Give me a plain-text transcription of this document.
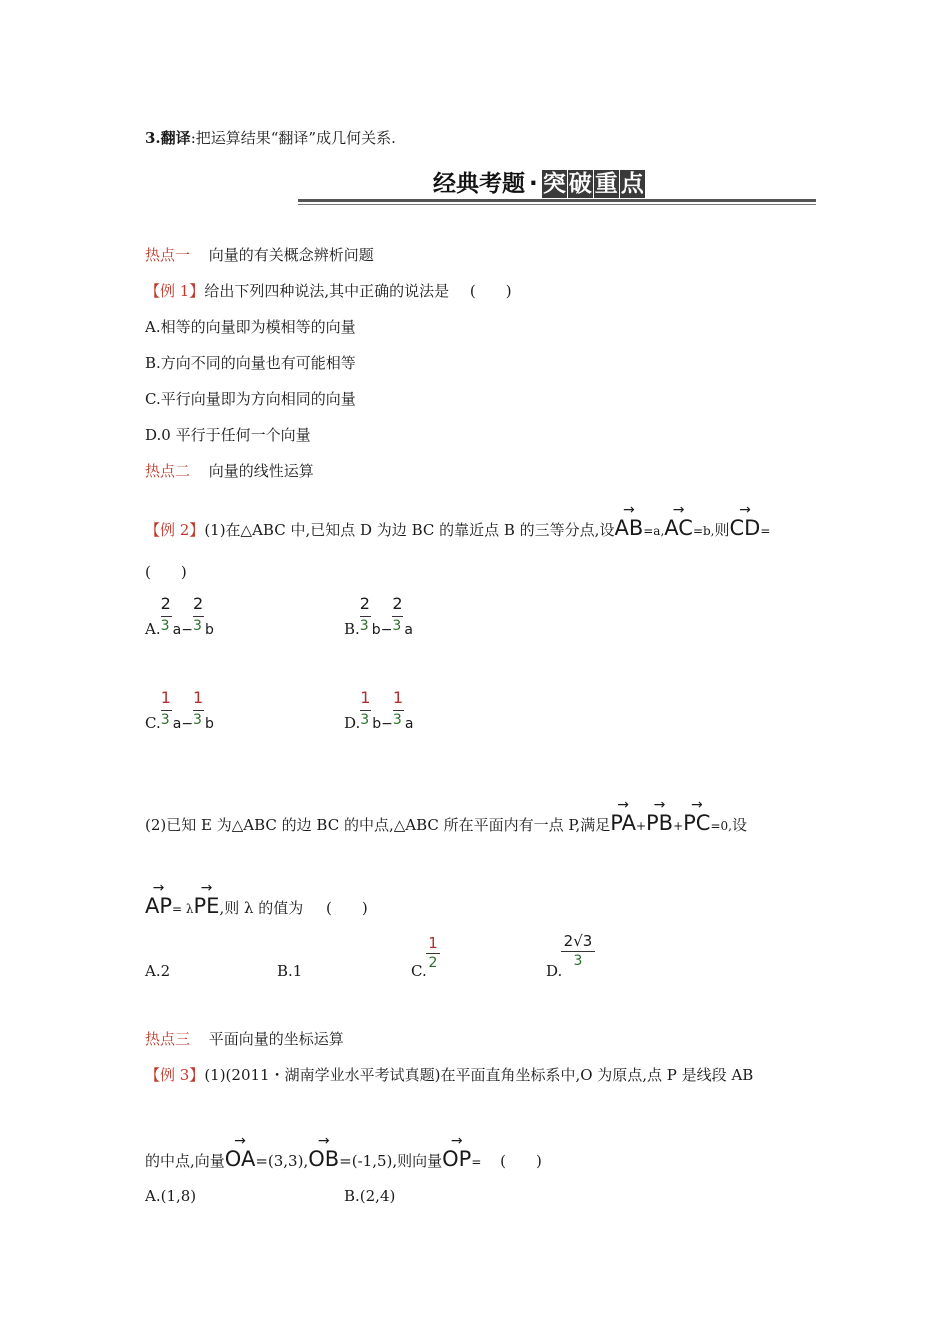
3.翻译:把运算结果“翻译”成几何关系.
经典考题 · 突 破 重 点
热点一 向量的有关概念辨析问题
【例 1】给出下列四种说法,其中正确的说法是 (　　)
A.相等的向量即为模相等的向量
B.方向不同的向量也有可能相等
C.平行向量即为方向相同的向量
D.0 平行于任何一个向量
热点二 向量的线性运算
【例 2】(1)在△ABC 中,已知点 D 为边 BC 的靠近点 B 的三等分点,设
→
AB=a,
→
AC=b,则
→
CD=
(　　)
A. $\frac{2}{3} a- \frac{2}{3}$ b	B. $\frac{2}{3} b- \frac{2}{3}$ a
C. $\frac{1}{3} a- \frac{1}{3}$ b	D. $\frac{1}{3} b- \frac{1}{3}$ a
(2)已知 E 为△ABC 的边 BC 的中点,△ABC 所在平面内有一点 P,满足
→
PA+
→
PB+
→
PC=0,设
→
AP= λ
→
PE,则 λ 的值为 (　　)
A.2	B.1	C.
1
2	D.
2√3
3
热点三 平面向量的坐标运算
【例 3】(1)(2011・湖南学业水平考试真题)在平面直角坐标系中,O 为原点,点 P 是线段 AB
的中点,向量
→
OA=(3,3),
→
OB=(-1,5),则向量
→
OP= (　　)
A.(1,8)	B.(2,4)
